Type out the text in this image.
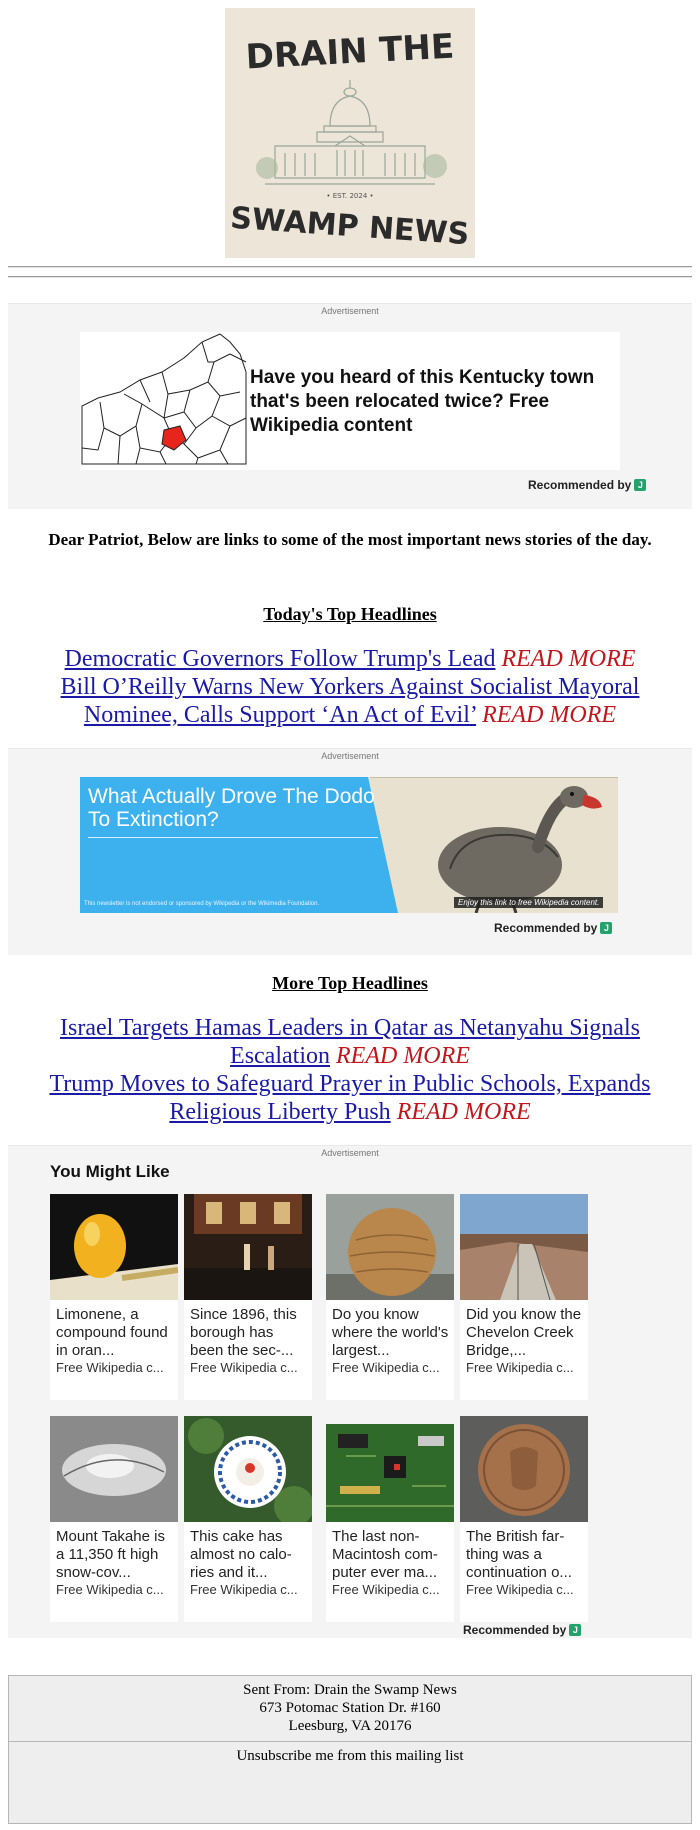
DRAIN THE
• EST. 2024 •
SWAMP NEWS
Advertisement
Have you heard of this Kentucky town that's been relocated twice? Free Wikipedia content
Recommended by J
Dear Patriot, Below are links to some of the most important news stories of the day.
Today's Top Headlines
Democratic Governors Follow Trump's Lead READ MORE
Bill O’Reilly Warns New Yorkers Against Socialist Mayoral Nominee, Calls Support ‘An Act of Evil’ READ MORE
Advertisement
What Actually Drove The Dodo To Extinction?
This newsletter is not endorsed or sponsored by Wikipedia or the Wikimedia Foundation.	Enjoy this link to free Wikipedia content.
Recommended by J
More Top Headlines
Israel Targets Hamas Leaders in Qatar as Netanyahu Signals Escalation READ MORE
Trump Moves to Safeguard Prayer in Public Schools, Expands Religious Liberty Push READ MORE
Advertisement
You Might Like
Limonene, a compound found in oran...
Free Wikipedia c...
Since 1896, this borough has been the sec-...
Free Wikipedia c...
Do you know where the world's largest...
Free Wikipedia c...
Did you know the Chevelon Creek Bridge,...
Free Wikipedia c...
Mount Takahe is a 11,350 ft high snow-cov...
Free Wikipedia c...
This cake has almost no calo-ries and it...
Free Wikipedia c...
The last non-Macintosh com-puter ever ma...
Free Wikipedia c...
The British far-thing was a continuation o...
Free Wikipedia c...
Recommended by J
Sent From: Drain the Swamp News
673 Potomac Station Dr. #160
Leesburg, VA 20176
Unsubscribe me from this mailing list
